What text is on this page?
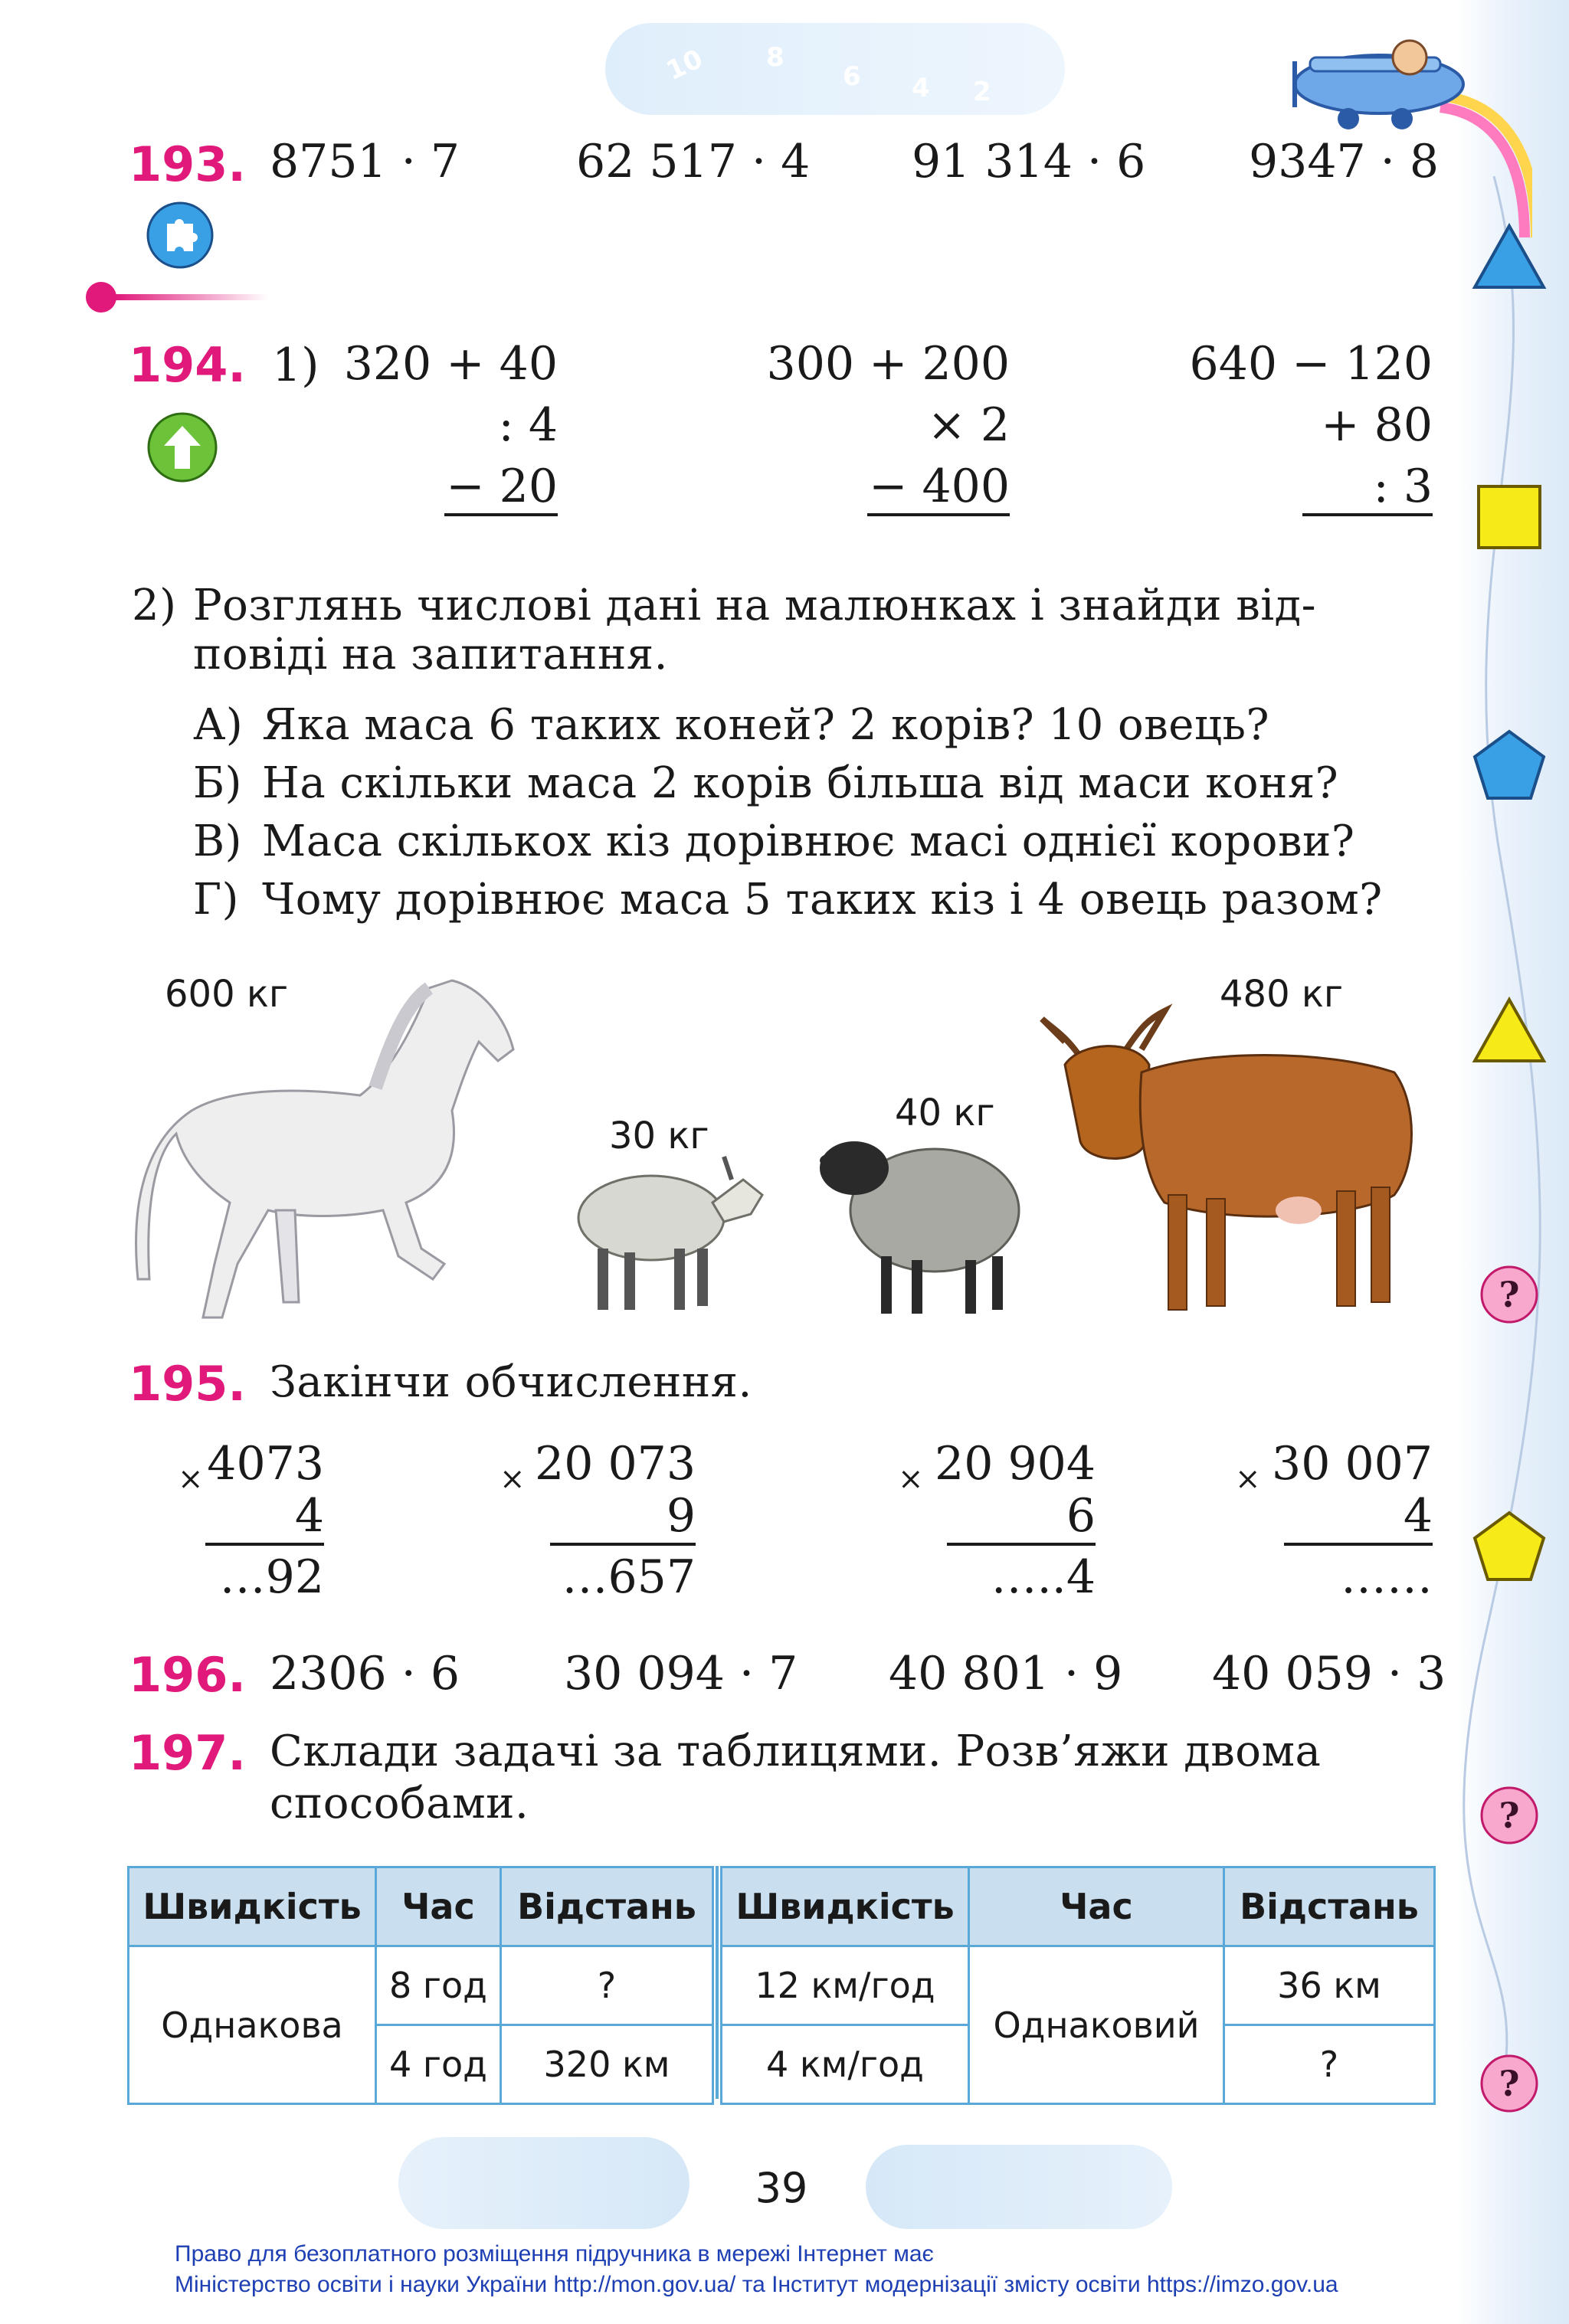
?
?
?
10 8
6 4 2
193. 8751 · 7	62 517 · 4 91 314 · 6 9347 · 8
194. 1) 320 + 40
: 4
− 20
300 + 200
× 2
− 400
640 − 120
+ 80
: 3
2) Розглянь числові дані на малюнках і знайди від-
повіді на запитання.
А) Яка маса 6 таких коней? 2 корів? 10 овець?
Б) На скільки маса 2 корів більша від маси коня?
В) Маса скількох кіз дорівнює масі однієї корови?
Г) Чому дорівнює маса 5 таких кіз і 4 овець разом?
600 кг
30 кг
40 кг
480 кг
195. Закінчи обчислення.
× 4073
4
…92
× 20 073
9
…657
× 20 904
6
…..4
× 30 007
4
……
196. 2306 · 6 30 094 · 7 40 801 · 9 40 059 · 3
197. Склади задачі за таблицями. Розв’яжи двома
способами.
Швидкість	Час	Відстань
Однакова	8 год	?
	4 год	320 км
Швидкість	Час	Відстань
12 км/год	Однаковий	36 км
4 км/год		?
39
Право для безоплатного розміщення підручника в мережі Інтернет має
Міністерство освіти і науки України http://mon.gov.ua/ та Інститут модернізації змісту освіти https://imzo.gov.ua
